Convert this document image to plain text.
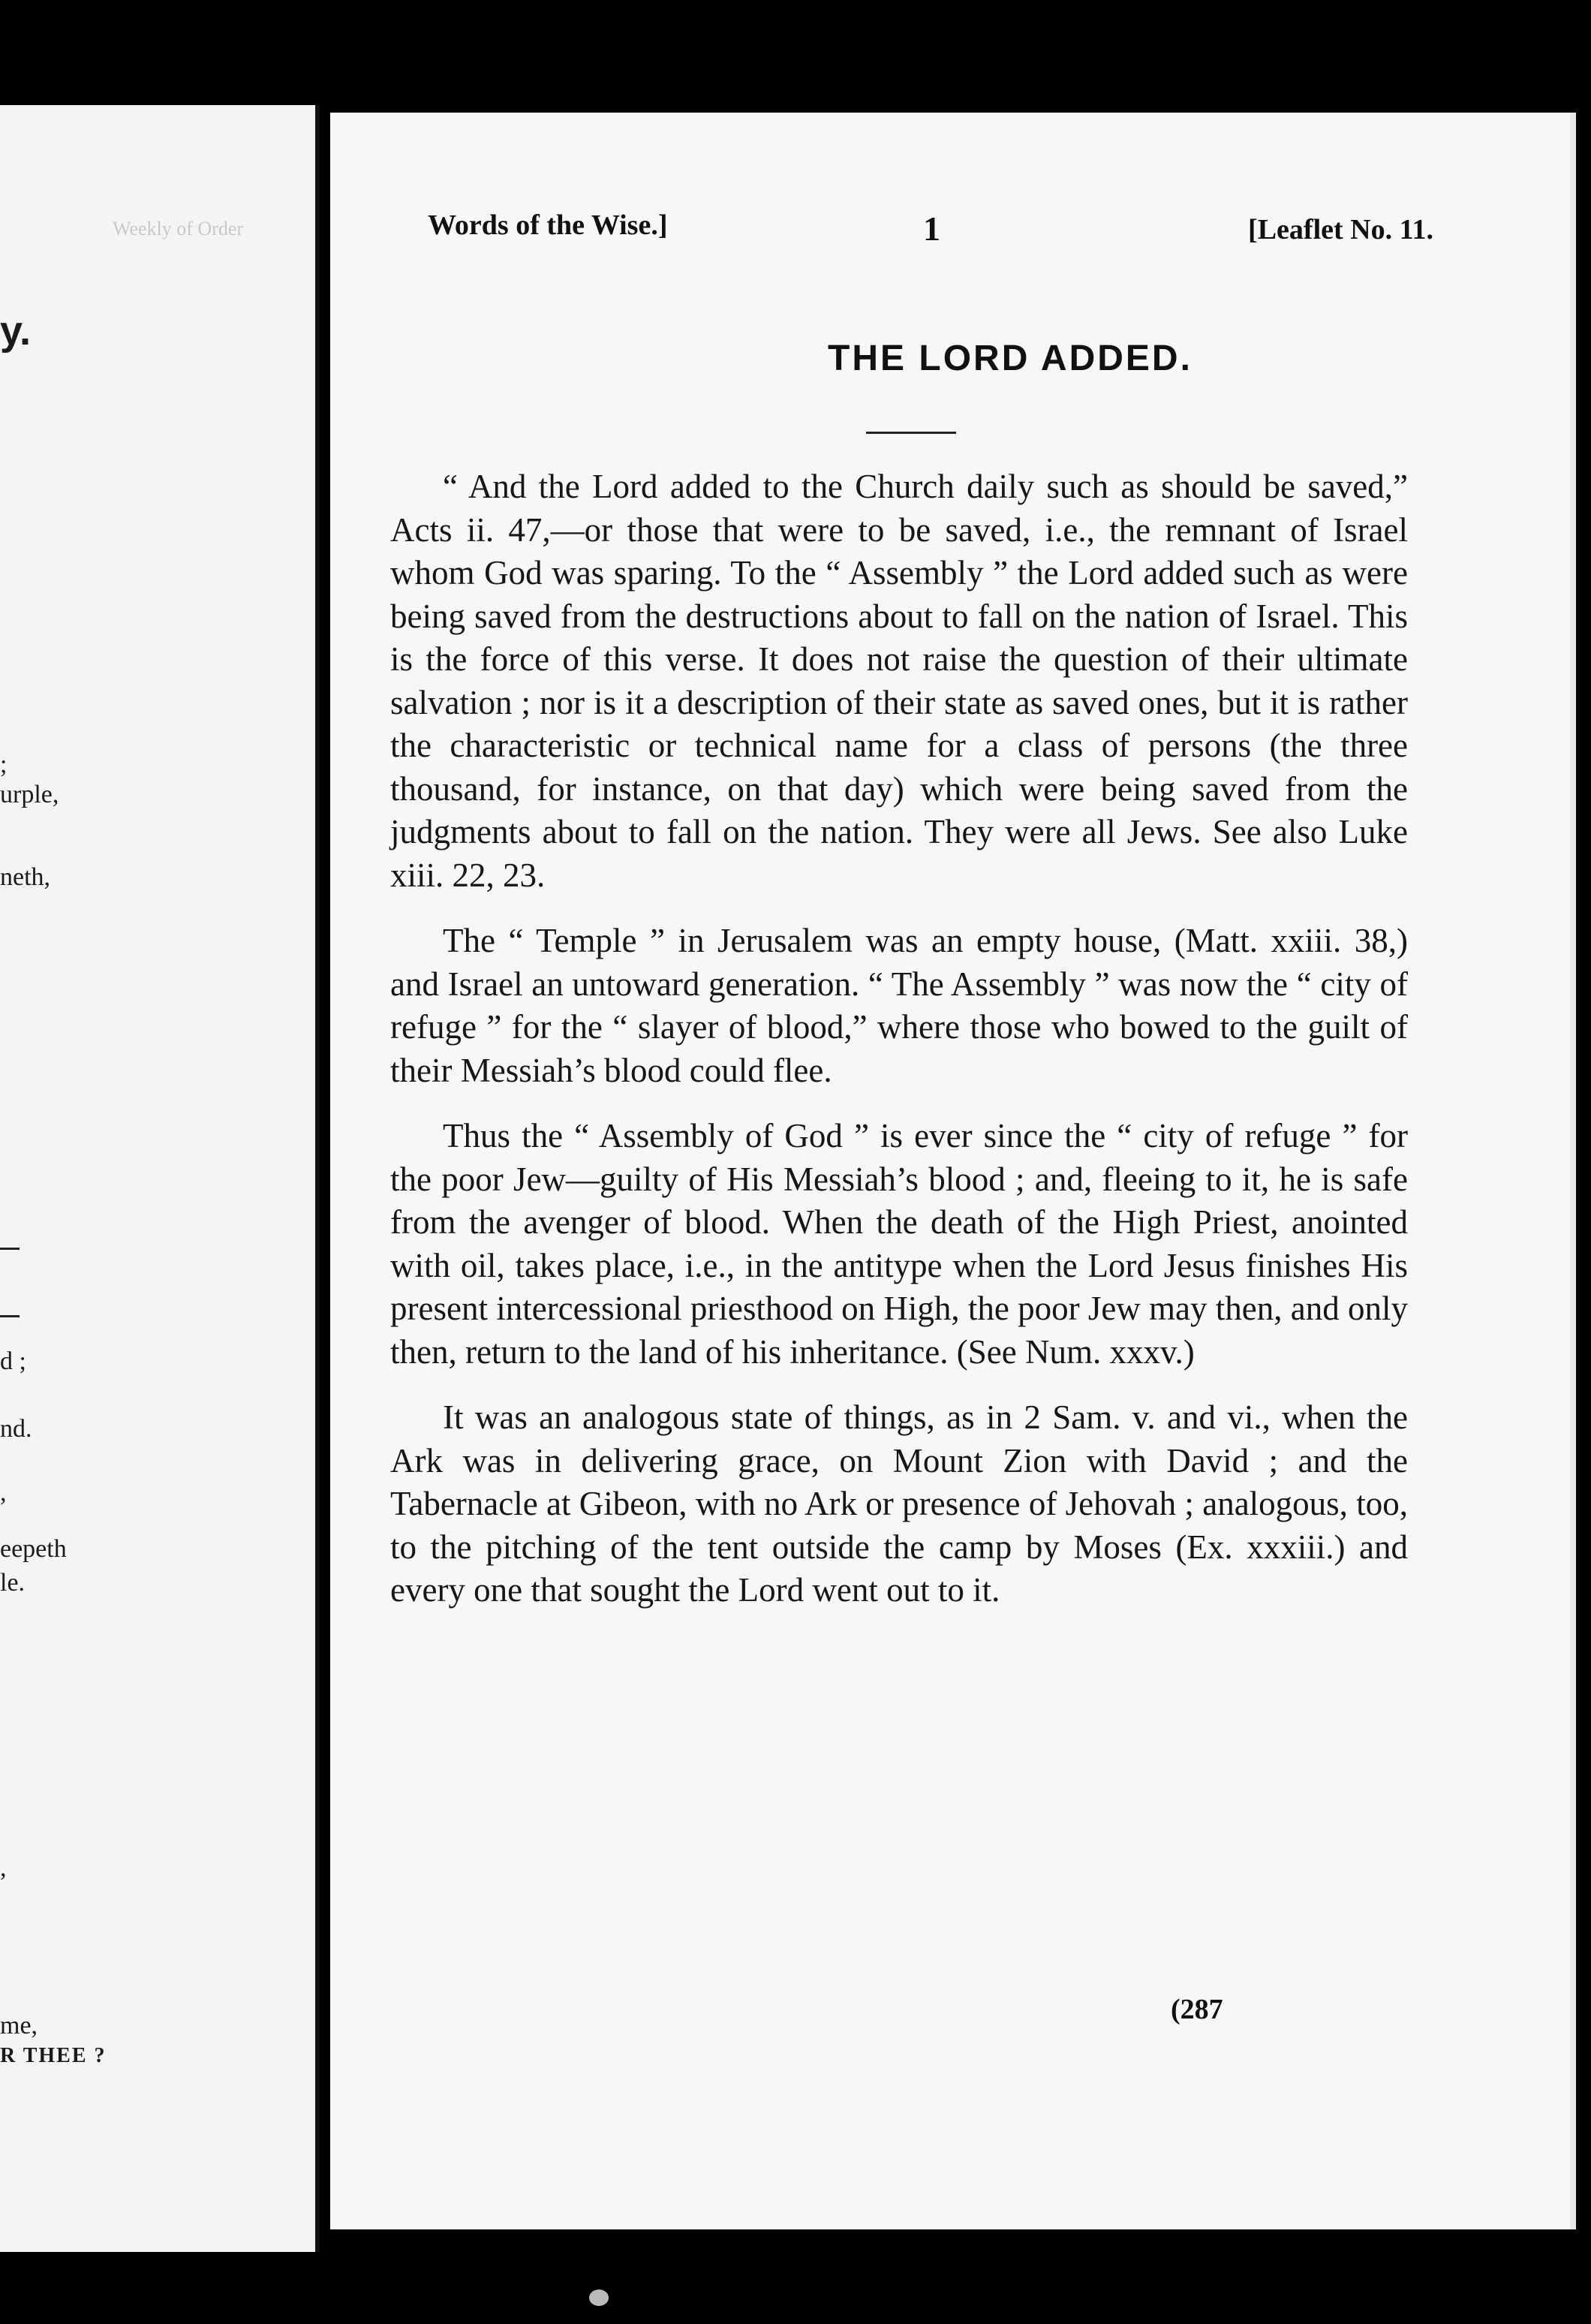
Weekly of Order
y.
;
urple,
neth,
d ;
nd.
,
eepeth
le.
,
me,
R THEE ?
Words of the Wise.]	1	[Leaflet No. 11.
THE LORD ADDED.

“ And the Lord added to the Church daily such as should be saved,” Acts ii. 47,—or those that were to be saved, i.e., the remnant of Israel whom God was sparing. To the “ Assembly ” the Lord added such as were being saved from the destructions about to fall on the nation of Israel. This is the force of this verse. It does not raise the question of their ultimate salvation ; nor is it a description of their state as saved ones, but it is rather the characteristic or technical name for a class of persons (the three thousand, for instance, on that day) which were being saved from the judgments about to fall on the nation. They were all Jews. See also Luke xiii. 22, 23.

The “ Temple ” in Jerusalem was an empty house, (Matt. xxiii. 38,) and Israel an untoward generation. “ The Assembly ” was now the “ city of refuge ” for the “ slayer of blood,” where those who bowed to the guilt of their Messiah’s blood could flee.

Thus the “ Assembly of God ” is ever since the “ city of refuge ” for the poor Jew—guilty of His Messiah’s blood ; and, fleeing to it, he is safe from the avenger of blood. When the death of the High Priest, anointed with oil, takes place, i.e., in the antitype when the Lord Jesus finishes His present intercessional priesthood on High, the poor Jew may then, and only then, return to the land of his inheritance. (See Num. xxxv.)

It was an analogous state of things, as in 2 Sam. v. and vi., when the Ark was in delivering grace, on Mount Zion with David ; and the Tabernacle at Gibeon, with no Ark or presence of Jehovah ; analogous, too, to the pitching of the tent outside the camp by Moses (Ex. xxxiii.) and every one that sought the Lord went out to it.

(287
